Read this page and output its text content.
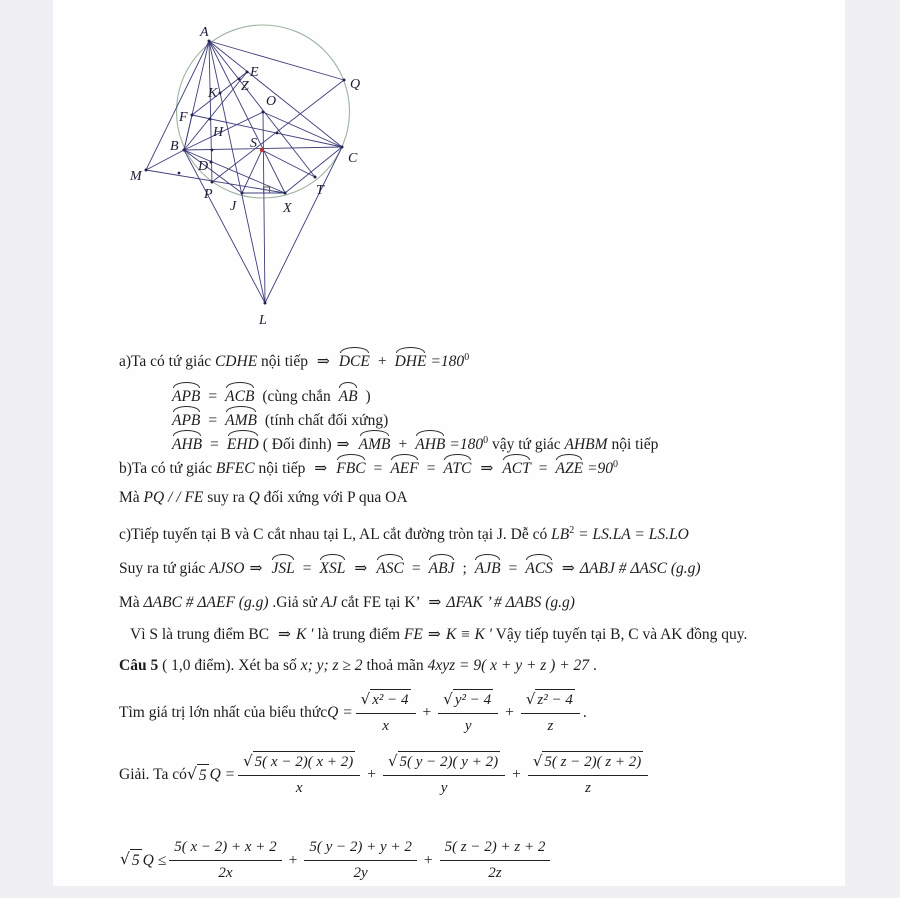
A
E
Q
Z
K
O
F
H
B	S
C
D
M
P
J	X
T
L
a)Ta có tứ giác CDHE nội tiếp ⇒ DCE + DHE $=180^0$
APB = ACB (cùng chắn AB )
APB = AMB (tính chất đối xứng)
AHB = EHD ( Đối đỉnh) ⇒ AMB + AHB $=180^0$ vậy tứ giác AHBM nội tiếp
b)Ta có tứ giác BFEC nội tiếp ⇒ FBC = AEF = ATC ⇒ ACT = AZE $=90^0$
Mà PQ / / FE suy ra Q đối xứng với P qua OA
c)Tiếp tuyến tại B và C cắt nhau tại L, AL cắt đường tròn tại J. Dễ có $LB^2 = LS.LA = LS.LO$
Suy ra tứ giác AJSO ⇒ JSL = XSL ⇒ ASC = ABJ ; AJB = ACS ⇒ ΔABJ # ΔASC (g.g)
Mà ΔABC # ΔAEF (g.g) .Giả sử AJ cắt FE tại K’ ⇒ ΔFAK ’ # ΔABS (g.g)
Vì S là trung điểm BC ⇒ K ′ là trung điểm FE ⇒ K ≡ K ′ Vậy tiếp tuyến tại B, C và AK đồng quy.
Câu 5 ( 1,0 điểm). Xét ba số x; y; z ≥ 2 thoả mãn 4xyz = 9( x + y + z ) + 27 .
Tìm giá trị lớn nhất của biểu thức $Q = \frac{\text{√ x² − 4}}{x} + \frac{\text{√ y² − 4}}{y} + \frac{\text{√ z² − 4}}{z}$ .
Giải. Ta có √ 5 $Q = \frac{√ 5( x - 2)( x + 2)}{x} + \frac{√ 5( y - 2)( y + 2)}{y} + \frac{√ 5( z - 2)( z + 2)}{z}$
√ 5 $Q \le \frac{5( x - 2) + x + 2}{2x} + \frac{5( y - 2) + y + 2}{2y} + \frac{5( z - 2) + z + 2}{2z}$
